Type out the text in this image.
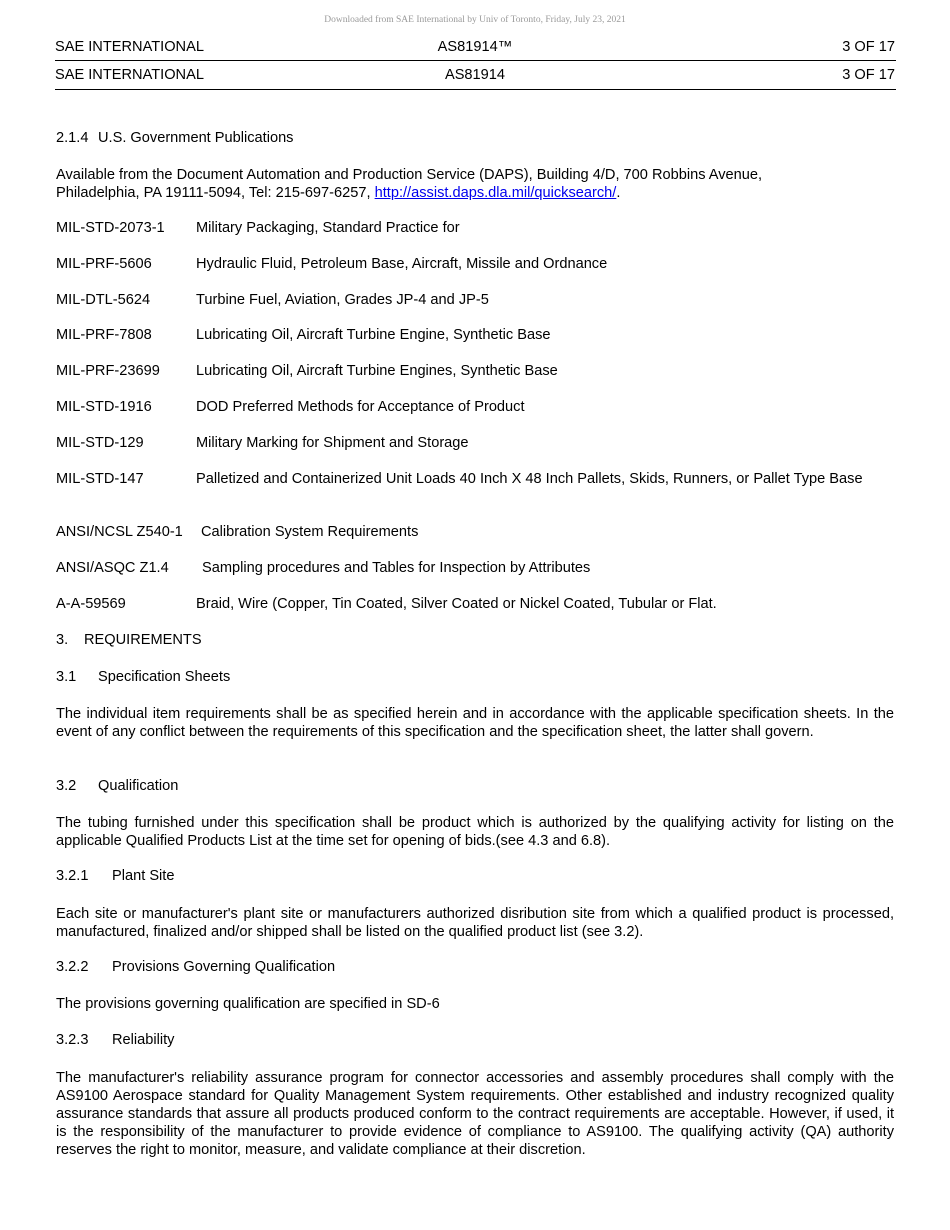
Downloaded from SAE International by Univ of Toronto, Friday, July 23, 2021
SAE INTERNATIONAL	AS81914™	3 OF 17
SAE INTERNATIONAL	AS81914	3 OF 17
2.1.4 U.S. Government Publications
Available from the Document Automation and Production Service (DAPS), Building 4/D, 700 Robbins Avenue,
Philadelphia, PA 19111-5094, Tel: 215-697-6257, http://assist.daps.dla.mil/quicksearch/.
MIL-STD-2073-1 Military Packaging, Standard Practice for
MIL-PRF-5606	Hydraulic Fluid, Petroleum Base, Aircraft, Missile and Ordnance
MIL-DTL-5624	Turbine Fuel, Aviation, Grades JP-4 and JP-5
MIL-PRF-7808	Lubricating Oil, Aircraft Turbine Engine, Synthetic Base
MIL-PRF-23699 Lubricating Oil, Aircraft Turbine Engines, Synthetic Base
MIL-STD-1916	DOD Preferred Methods for Acceptance of Product
MIL-STD-129	Military Marking for Shipment and Storage
MIL-STD-147	Palletized and Containerized Unit Loads 40 Inch X 48 Inch Pallets, Skids, Runners, or Pallet Type Base
ANSI/NCSL Z540-1 Calibration System Requirements
ANSI/ASQC Z1.4 Sampling procedures and Tables for Inspection by Attributes
A-A-59569	Braid, Wire (Copper, Tin Coated, Silver Coated or Nickel Coated, Tubular or Flat.
3. REQUIREMENTS
3.1 Specification Sheets
The individual item requirements shall be as specified herein and in accordance with the applicable specification sheets. In the event of any conflict between the requirements of this specification and the specification sheet, the latter shall govern.
3.2 Qualification
The tubing furnished under this specification shall be product which is authorized by the qualifying activity for listing on the applicable Qualified Products List at the time set for opening of bids.(see 4.3 and 6.8).
3.2.1 Plant Site
Each site or manufacturer's plant site or manufacturers authorized disribution site from which a qualified product is processed, manufactured, finalized and/or shipped shall be listed on the qualified product list (see 3.2).
3.2.2 Provisions Governing Qualification
The provisions governing qualification are specified in SD-6
3.2.3 Reliability
The manufacturer's reliability assurance program for connector accessories and assembly procedures shall comply with the AS9100 Aerospace standard for Quality Management System requirements. Other established and industry recognized quality assurance standards that assure all products produced conform to the contract requirements are acceptable. However, if used, it is the responsibility of the manufacturer to provide evidence of compliance to AS9100. The qualifying activity (QA) authority reserves the right to monitor, measure, and validate compliance at their discretion.
